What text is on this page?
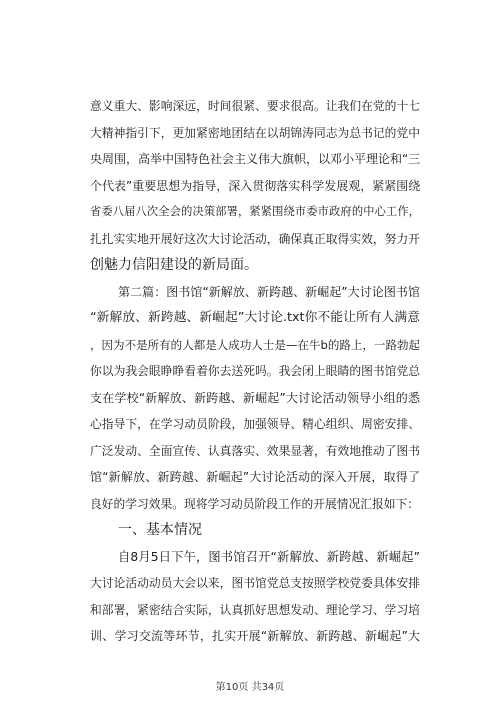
意义重大、影响深远，时间很紧、要求很高。让我们在党的十七
大精神指引下，更加紧密地团结在以胡锦涛同志为总书记的党中
央周围，高举中国特色社会主义伟大旗帜，以邓小平理论和“三
个代表”重要思想为指导，深入贯彻落实科学发展观，紧紧围绕
省委八届八次全会的决策部署，紧紧围绕市委市政府的中心工作，
扎扎实实地开展好这次大讨论活动，确保真正取得实效，努力开
创魅力信阳建设的新局面。
第二篇：图书馆“新解放、新跨越、新崛起”大讨论图书馆
“新解放、新跨越、新崛起”大讨论.txt你不能让所有人满意
，因为不是所有的人都是人成功人士是—在牛b的路上，一路勃起
你以为我会眼睁睁看着你去送死吗。我会闭上眼睛的图书馆党总
支在学校“新解放、新跨越、新崛起”大讨论活动领导小组的悉
心指导下，在学习动员阶段，加强领导、精心组织、周密安排、
广泛发动、全面宣传、认真落实、效果显著，有效地推动了图书
馆“新解放、新跨越、新崛起”大讨论活动的深入开展，取得了
良好的学习效果。现将学习动员阶段工作的开展情况汇报如下：
一、基本情况
自8月5日下午，图书馆召开“新解放、新跨越、新崛起”
大讨论活动动员大会以来，图书馆党总支按照学校党委具体安排
和部署，紧密结合实际，认真抓好思想发动、理论学习、学习培
训、学习交流等环节，扎实开展“新解放、新跨越、新崛起”大
第10页 共34页
